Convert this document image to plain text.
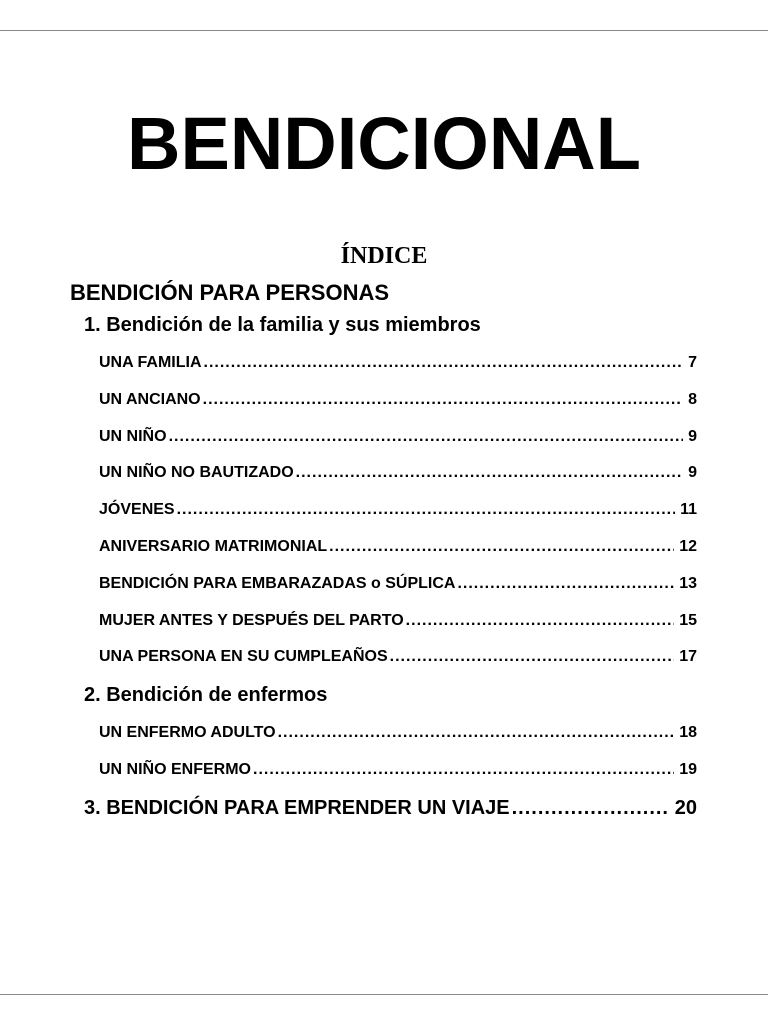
BENDICIONAL
ÍNDICE
BENDICIÓN PARA PERSONAS
1. Bendición de la familia y sus miembros
UNA FAMILIA .....	7
UN ANCIANO .....	8
UN NIÑO .....	9
UN NIÑO NO BAUTIZADO .....	9
JÓVENES .....	11
ANIVERSARIO MATRIMONIAL .....	12
BENDICIÓN PARA EMBARAZADAS o SÚPLICA .....	13
MUJER ANTES Y DESPUÉS DEL PARTO .....	15
UNA PERSONA EN SU CUMPLEAÑOS .....	17
2. Bendición de enfermos
UN ENFERMO ADULTO .....	18
UN NIÑO ENFERMO .....	19
3. BENDICIÓN PARA EMPRENDER UN VIAJE .....	20
